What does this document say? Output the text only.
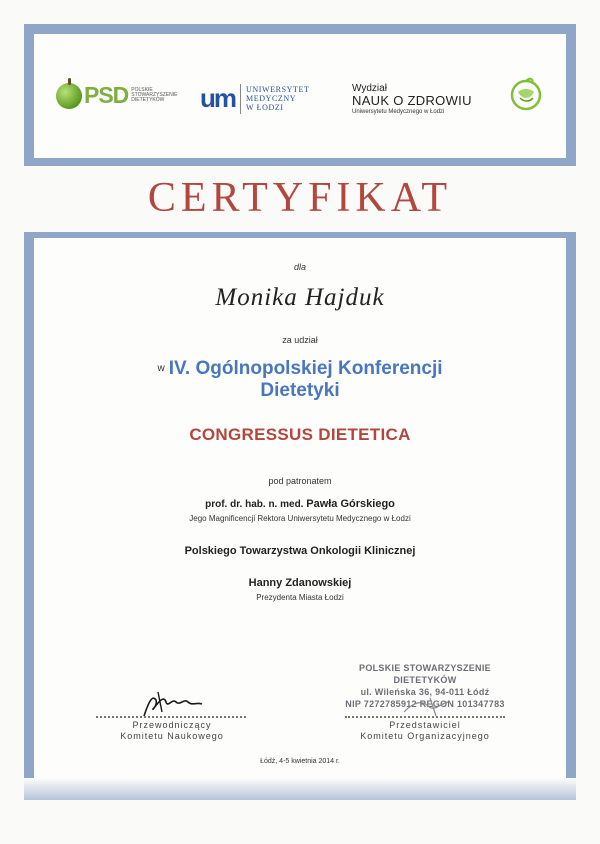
PSD POLSKIE STOWARZYSZENIE DIETETYKÓW	um UNIWERSYTET
MEDYCZNY
W ŁODZI
Wydział
NAUK O ZDROWIU
Uniwersytetu Medycznego w Łodzi
CERTYFIKAT
dla
Monika Hajduk
za udział
w IV. Ogólnopolskiej Konferencji
Dietetyki
CONGRESSUS DIETETICA
pod patronatem
prof. dr. hab. n. med. Pawła Górskiego
Jego Magnificencji Rektora Uniwersytetu Medycznego w Łodzi
Polskiego Towarzystwa Onkologii Klinicznej
Hanny Zdanowskiej
Prezydenta Miasta Łodzi
POLSKIE STOWARZYSZENIE
DIETETYKÓW
ul. Wileńska 36, 94-011 Łódź
NIP 7272785912 REGON 101347783
Przewodniczący
Komitetu Naukowego
Przedstawiciel
Komitetu Organizacyjnego
Łódź, 4-5 kwietnia 2014 r.
